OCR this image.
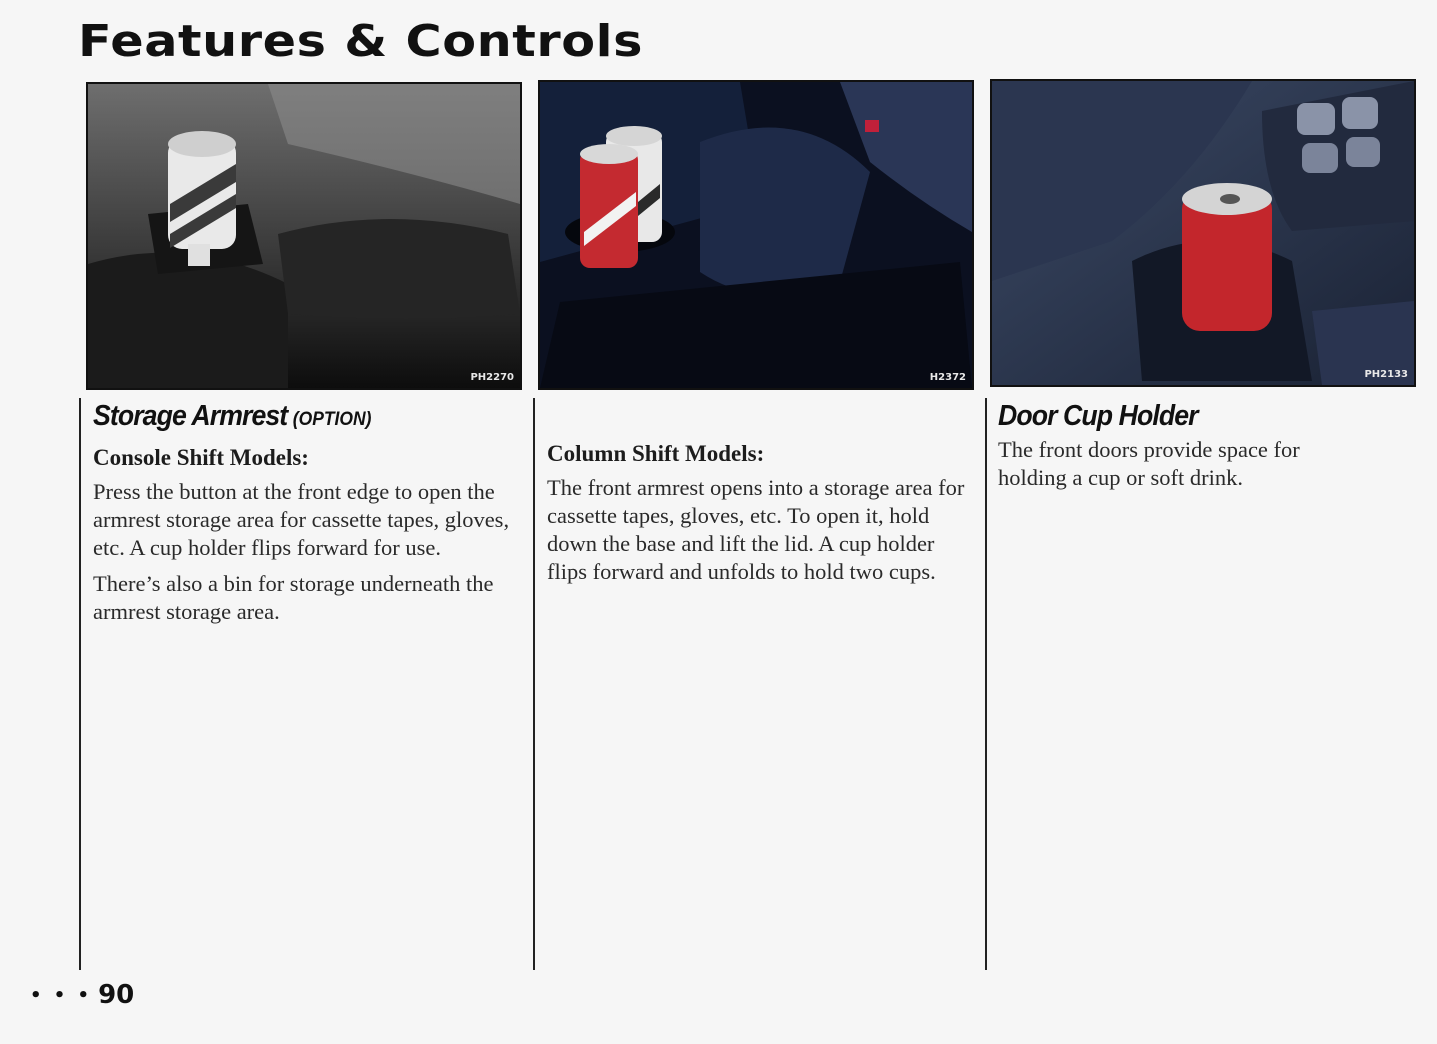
Features & Controls
PH2270	H2372	PH2133
Storage Armrest (OPTION)
Console Shift Models:

Press the button at the front edge to open the armrest storage area for cassette tapes, gloves, etc. A cup holder flips forward for use.

There’s also a bin for storage underneath the armrest storage area.

Column Shift Models:

The front armrest opens into a storage area for cassette tapes, gloves, etc. To open it, hold down the base and lift the lid. A cup holder flips forward and unfolds to hold two cups.

Door Cup Holder

The front doors provide space for holding a cup or soft drink.

• • • 90
